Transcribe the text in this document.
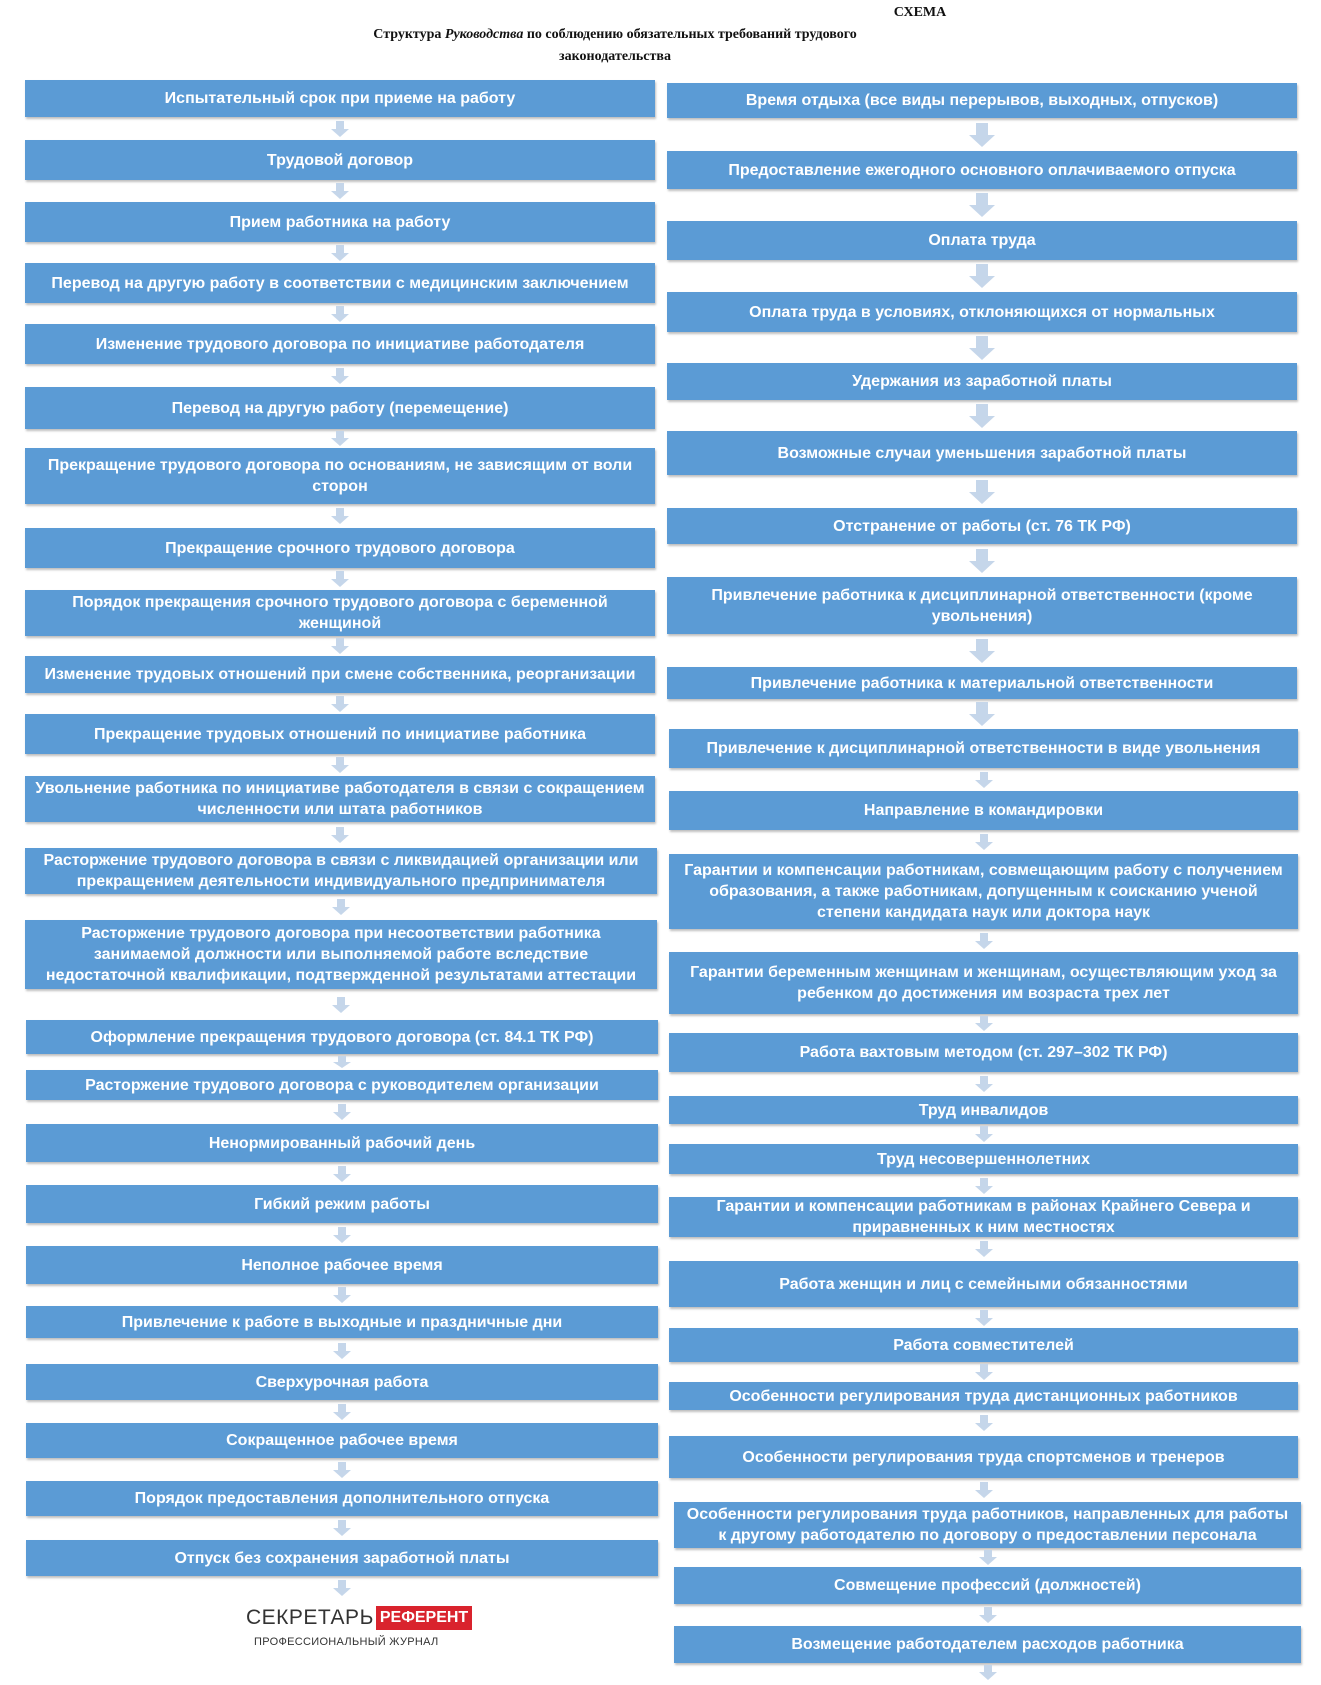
СХЕМА
Структура Руководства по соблюдению обязательных требований трудового
законодательства
Испытательный срок при приеме на работу
Трудовой договор
Прием работника на работу
Перевод на другую работу в соответствии с медицинским заключением
Изменение трудового договора по инициативе работодателя
Перевод на другую работу (перемещение)
Прекращение трудового договора по основаниям, не зависящим от воли сторон
Прекращение срочного трудового договора
Порядок прекращения срочного трудового договора с беременной женщиной
Изменение трудовых отношений при смене собственника, реорганизации
Прекращение трудовых отношений по инициативе работника
Увольнение работника по инициативе работодателя в связи с сокращением численности или штата работников
Расторжение трудового договора в связи с ликвидацией организации или прекращением деятельности индивидуального предпринимателя
Расторжение трудового договора при несоответствии работника занимаемой должности или выполняемой работе вследствие недостаточной квалификации, подтвержденной результатами аттестации
Оформление прекращения трудового договора (ст. 84.1 ТК РФ)
Расторжение трудового договора с руководителем организации
Ненормированный рабочий день
Гибкий режим работы
Неполное рабочее время
Привлечение к работе в выходные и праздничные дни
Сверхурочная работа
Сокращенное рабочее время
Порядок предоставления дополнительного отпуска
Отпуск без сохранения заработной платы
Время отдыха (все виды перерывов, выходных, отпусков)
Предоставление ежегодного основного оплачиваемого отпуска
Оплата труда
Оплата труда в условиях, отклоняющихся от нормальных
Удержания из заработной платы
Возможные случаи уменьшения заработной платы
Отстранение от работы (ст. 76 ТК РФ)
Привлечение работника к дисциплинарной ответственности (кроме увольнения)
Привлечение работника к материальной ответственности
Привлечение к дисциплинарной ответственности в виде увольнения
Направление в командировки
Гарантии и компенсации работникам, совмещающим работу с получением образования, а также работникам, допущенным к соисканию ученой степени кандидата наук или доктора наук
Гарантии беременным женщинам и женщинам, осуществляющим уход за ребенком до достижения им возраста трех лет
Работа вахтовым методом (ст. 297–302 ТК РФ)
Труд инвалидов
Труд несовершеннолетних
Гарантии и компенсации работникам в районах Крайнего Севера и приравненных к ним местностях
Работа женщин и лиц с семейными обязанностями
Работа совместителей
Особенности регулирования труда дистанционных работников
Особенности регулирования труда спортсменов и тренеров
Особенности регулирования труда работников, направленных для работы к другому работодателю по договору о предоставлении персонала
Совмещение профессий (должностей)
Возмещение работодателем расходов работника
СЕКРЕТАРЬ РЕФЕРЕНТ
ПРОФЕССИОНАЛЬНЫЙ ЖУРНАЛ
